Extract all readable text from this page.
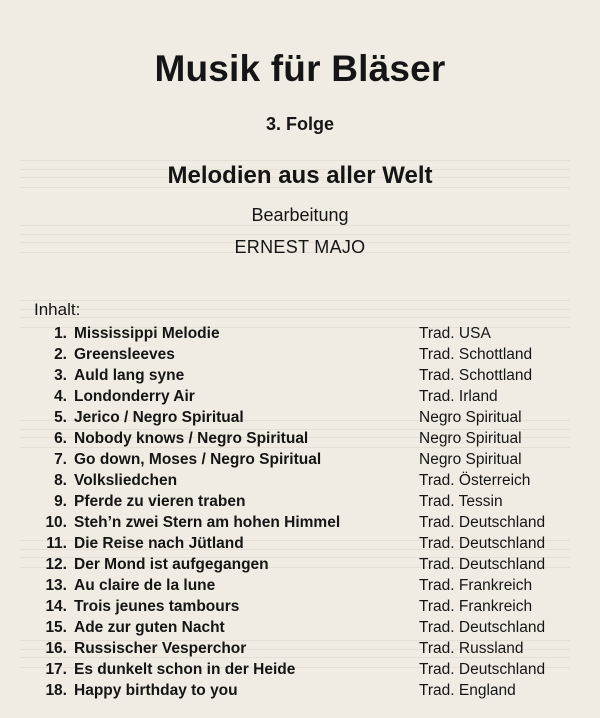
Musik für Bläser
3. Folge
Melodien aus aller Welt
Bearbeitung
ERNEST MAJO
Inhalt:
1. Mississippi Melodie	Trad. USA
2. Greensleeves	Trad. Schottland
3. Auld lang syne	Trad. Schottland
4. Londonderry Air	Trad. Irland
5. Jerico / Negro Spiritual	Negro Spiritual
6. Nobody knows / Negro Spiritual	Negro Spiritual
7. Go down, Moses / Negro Spiritual	Negro Spiritual
8. Volksliedchen	Trad. Österreich
9. Pferde zu vieren traben	Trad. Tessin
10. Steh’n zwei Stern am hohen Himmel	Trad. Deutschland
11. Die Reise nach Jütland	Trad. Deutschland
12. Der Mond ist aufgegangen	Trad. Deutschland
13. Au claire de la lune	Trad. Frankreich
14. Trois jeunes tambours	Trad. Frankreich
15. Ade zur guten Nacht	Trad. Deutschland
16. Russischer Vesperchor	Trad. Russland
17. Es dunkelt schon in der Heide	Trad. Deutschland
18. Happy birthday to you	Trad. England
